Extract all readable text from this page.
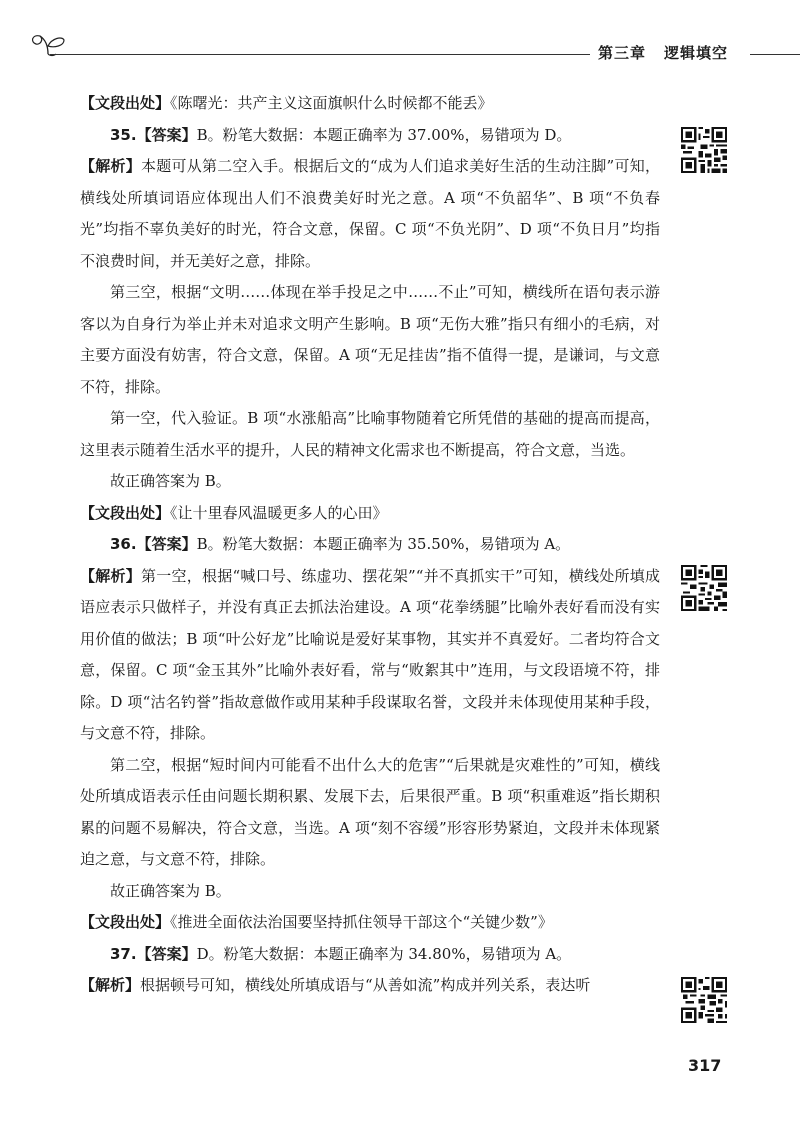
第三章 逻辑填空

【文段出处】《陈曙光：共产主义这面旗帜什么时候都不能丢》

35.【答案】B。粉笔大数据：本题正确率为 37.00%，易错项为 D。

【解析】本题可从第二空入手。根据后文的“成为人们追求美好生活的生动注脚”可知，横线处所填词语应体现出人们不浪费美好时光之意。A 项“不负韶华”、B 项“不负春光”均指不辜负美好的时光，符合文意，保留。C 项“不负光阴”、D 项“不负日月”均指不浪费时间，并无美好之意，排除。

第三空，根据“文明……体现在举手投足之中……不止”可知，横线所在语句表示游客以为自身行为举止并未对追求文明产生影响。B 项“无伤大雅”指只有细小的毛病，对主要方面没有妨害，符合文意，保留。A 项“无足挂齿”指不值得一提，是谦词，与文意不符，排除。

第一空，代入验证。B 项“水涨船高”比喻事物随着它所凭借的基础的提高而提高，这里表示随着生活水平的提升，人民的精神文化需求也不断提高，符合文意，当选。

故正确答案为 B。

【文段出处】《让十里春风温暖更多人的心田》

36.【答案】B。粉笔大数据：本题正确率为 35.50%，易错项为 A。

【解析】第一空，根据“喊口号、练虚功、摆花架”“并不真抓实干”可知，横线处所填成语应表示只做样子，并没有真正去抓法治建设。A 项“花拳绣腿”比喻外表好看而没有实用价值的做法；B 项“叶公好龙”比喻说是爱好某事物，其实并不真爱好。二者均符合文意，保留。C 项“金玉其外”比喻外表好看，常与“败絮其中”连用，与文段语境不符，排除。D 项“沽名钓誉”指故意做作或用某种手段谋取名誉，文段并未体现使用某种手段，与文意不符，排除。

第二空，根据“短时间内可能看不出什么大的危害”“后果就是灾难性的”可知，横线处所填成语表示任由问题长期积累、发展下去，后果很严重。B 项“积重难返”指长期积累的问题不易解决，符合文意，当选。A 项“刻不容缓”形容形势紧迫，文段并未体现紧迫之意，与文意不符，排除。

故正确答案为 B。

【文段出处】《推进全面依法治国要坚持抓住领导干部这个“关键少数”》

37.【答案】D。粉笔大数据：本题正确率为 34.80%，易错项为 A。

【解析】根据顿号可知，横线处所填成语与“从善如流”构成并列关系，表达听

317
